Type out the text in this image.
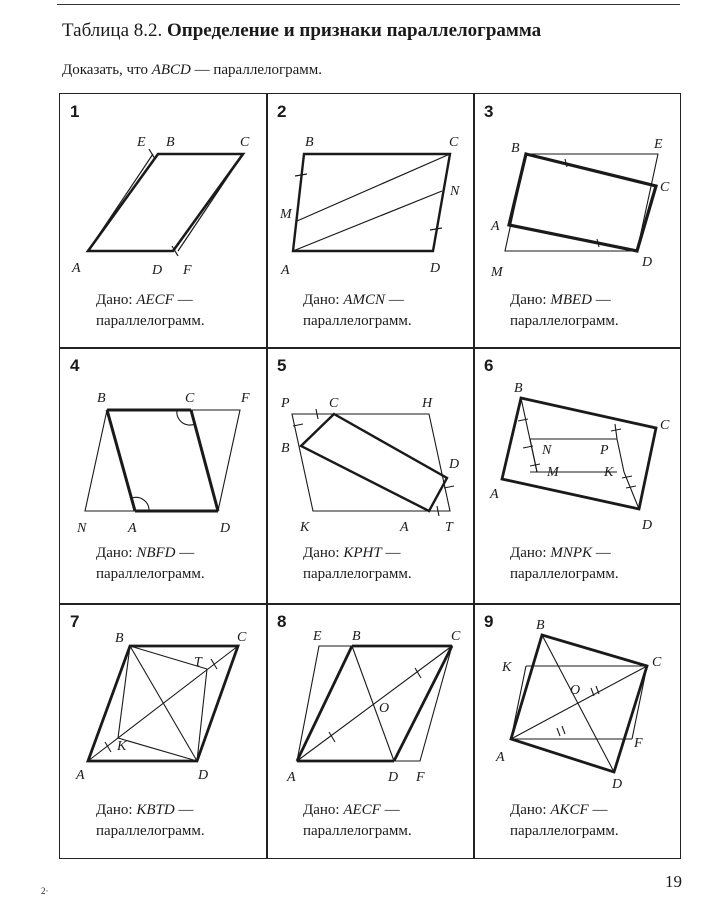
Таблица 8.2. Определение и признаки параллелограмма
Доказать, что ABCD — параллелограмм.
1
E B	C
A	D F
Дано: AECF —
параллелограмм.
2
B	C
N
M
A	D
Дано: AMCN —
параллелограмм.
3
B	E
C
A
M
D
Дано: MBED —
параллелограмм.
4
B	C	F
N	A	D
Дано: NBFD —
параллелограмм.
5
P	C	H
B
D
K	A	T
Дано: KPHT —
параллелограмм.
6
B
C
N	P
M	K
A
D
Дано: MNPK —
параллелограмм.
7
B	C
T
K
A	D
Дано: KBTD —
параллелограмм.
8
E B	C
O
A	D F
Дано: AECF —
параллелограмм.
9	B
K	C
O
F
A
D
Дано: AKCF —
параллелограмм.
19
2·
